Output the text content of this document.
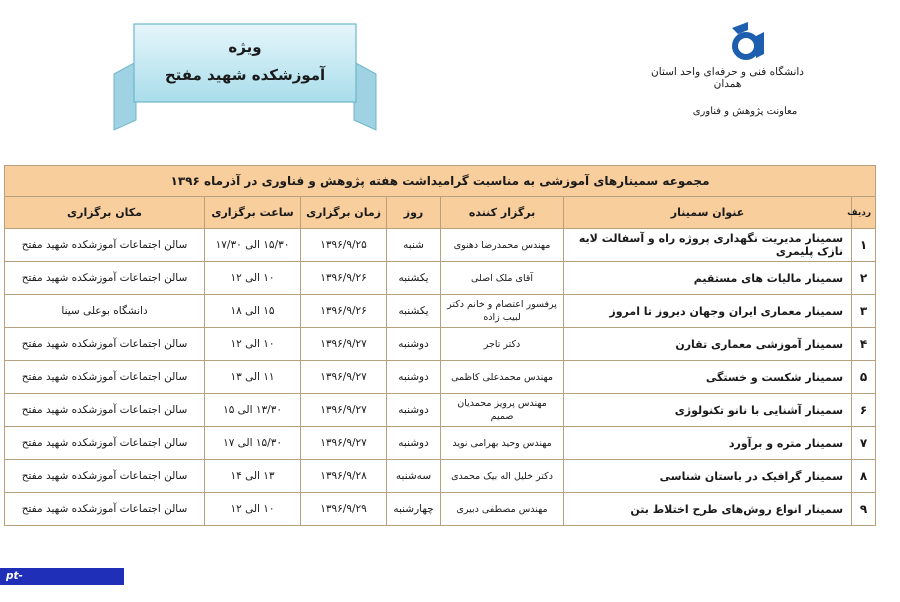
ویژه
آموزشکده شهید مفتح	دانشگاه فنی و حرفه‌ای واحد استان همدان
معاونت پژوهش و فناوری
مجموعه سمینارهای آموزشی به مناسبت گرامیداشت هفته پژوهش و فناوری در آذرماه ۱۳۹۶						
ردیف	عنوان سمینار	برگزار کننده	روز	زمان برگزاری	ساعت برگزاری	مکان برگزاری
۱	سمینار مدیریت نگهداری پروژه راه و آسفالت لایه نازک پلیمری	مهندس محمدرضا دهنوی	شنبه	۱۳۹۶/۹/۲۵	۱۵/۳۰ الی ۱۷/۳۰	سالن اجتماعات آموزشکده شهید مفتح
۲	سمینار مالیات های مستقیم	آقای ملک اصلی	یکشنبه	۱۳۹۶/۹/۲۶	۱۰ الی ۱۲	سالن اجتماعات آموزشکده شهید مفتح
۳	سمینار معماری ایران وجهان دیروز تا امروز	پرفسور اعتصام و خانم دکتر لبیب زاده	یکشنبه	۱۳۹۶/۹/۲۶	۱۵ الی ۱۸	دانشگاه بوعلی سینا
۴	سمینار آموزشی معماری تقارن	دکتر تاجر	دوشنبه	۱۳۹۶/۹/۲۷	۱۰ الی ۱۲	سالن اجتماعات آموزشکده شهید مفتح
۵	سمینار شکست و خستگی	مهندس محمدعلی کاظمی	دوشنبه	۱۳۹۶/۹/۲۷	۱۱ الی ۱۳	سالن اجتماعات آموزشکده شهید مفتح
۶	سمینار آشنایی با نانو تکنولوژی	مهندس پرویز محمدیان صمیم	دوشنبه	۱۳۹۶/۹/۲۷	۱۳/۳۰ الی ۱۵	سالن اجتماعات آموزشکده شهید مفتح
۷	سمینار متره و برآورد	مهندس وحید بهرامی نوید	دوشنبه	۱۳۹۶/۹/۲۷	۱۵/۳۰ الی ۱۷	سالن اجتماعات آموزشکده شهید مفتح
۸	سمینار گرافیک در باستان شناسی	دکتر خلیل اله بیک محمدی	سه‌شنبه	۱۳۹۶/۹/۲۸	۱۳ الی ۱۴	سالن اجتماعات آموزشکده شهید مفتح
۹	سمینار انواع روش‌های طرح اختلاط بتن	مهندس مصطفی دبیری	چهارشنبه	۱۳۹۶/۹/۲۹	۱۰ الی ۱۲	سالن اجتماعات آموزشکده شهید مفتح
pt-hamedan.tvu.ac.ir
